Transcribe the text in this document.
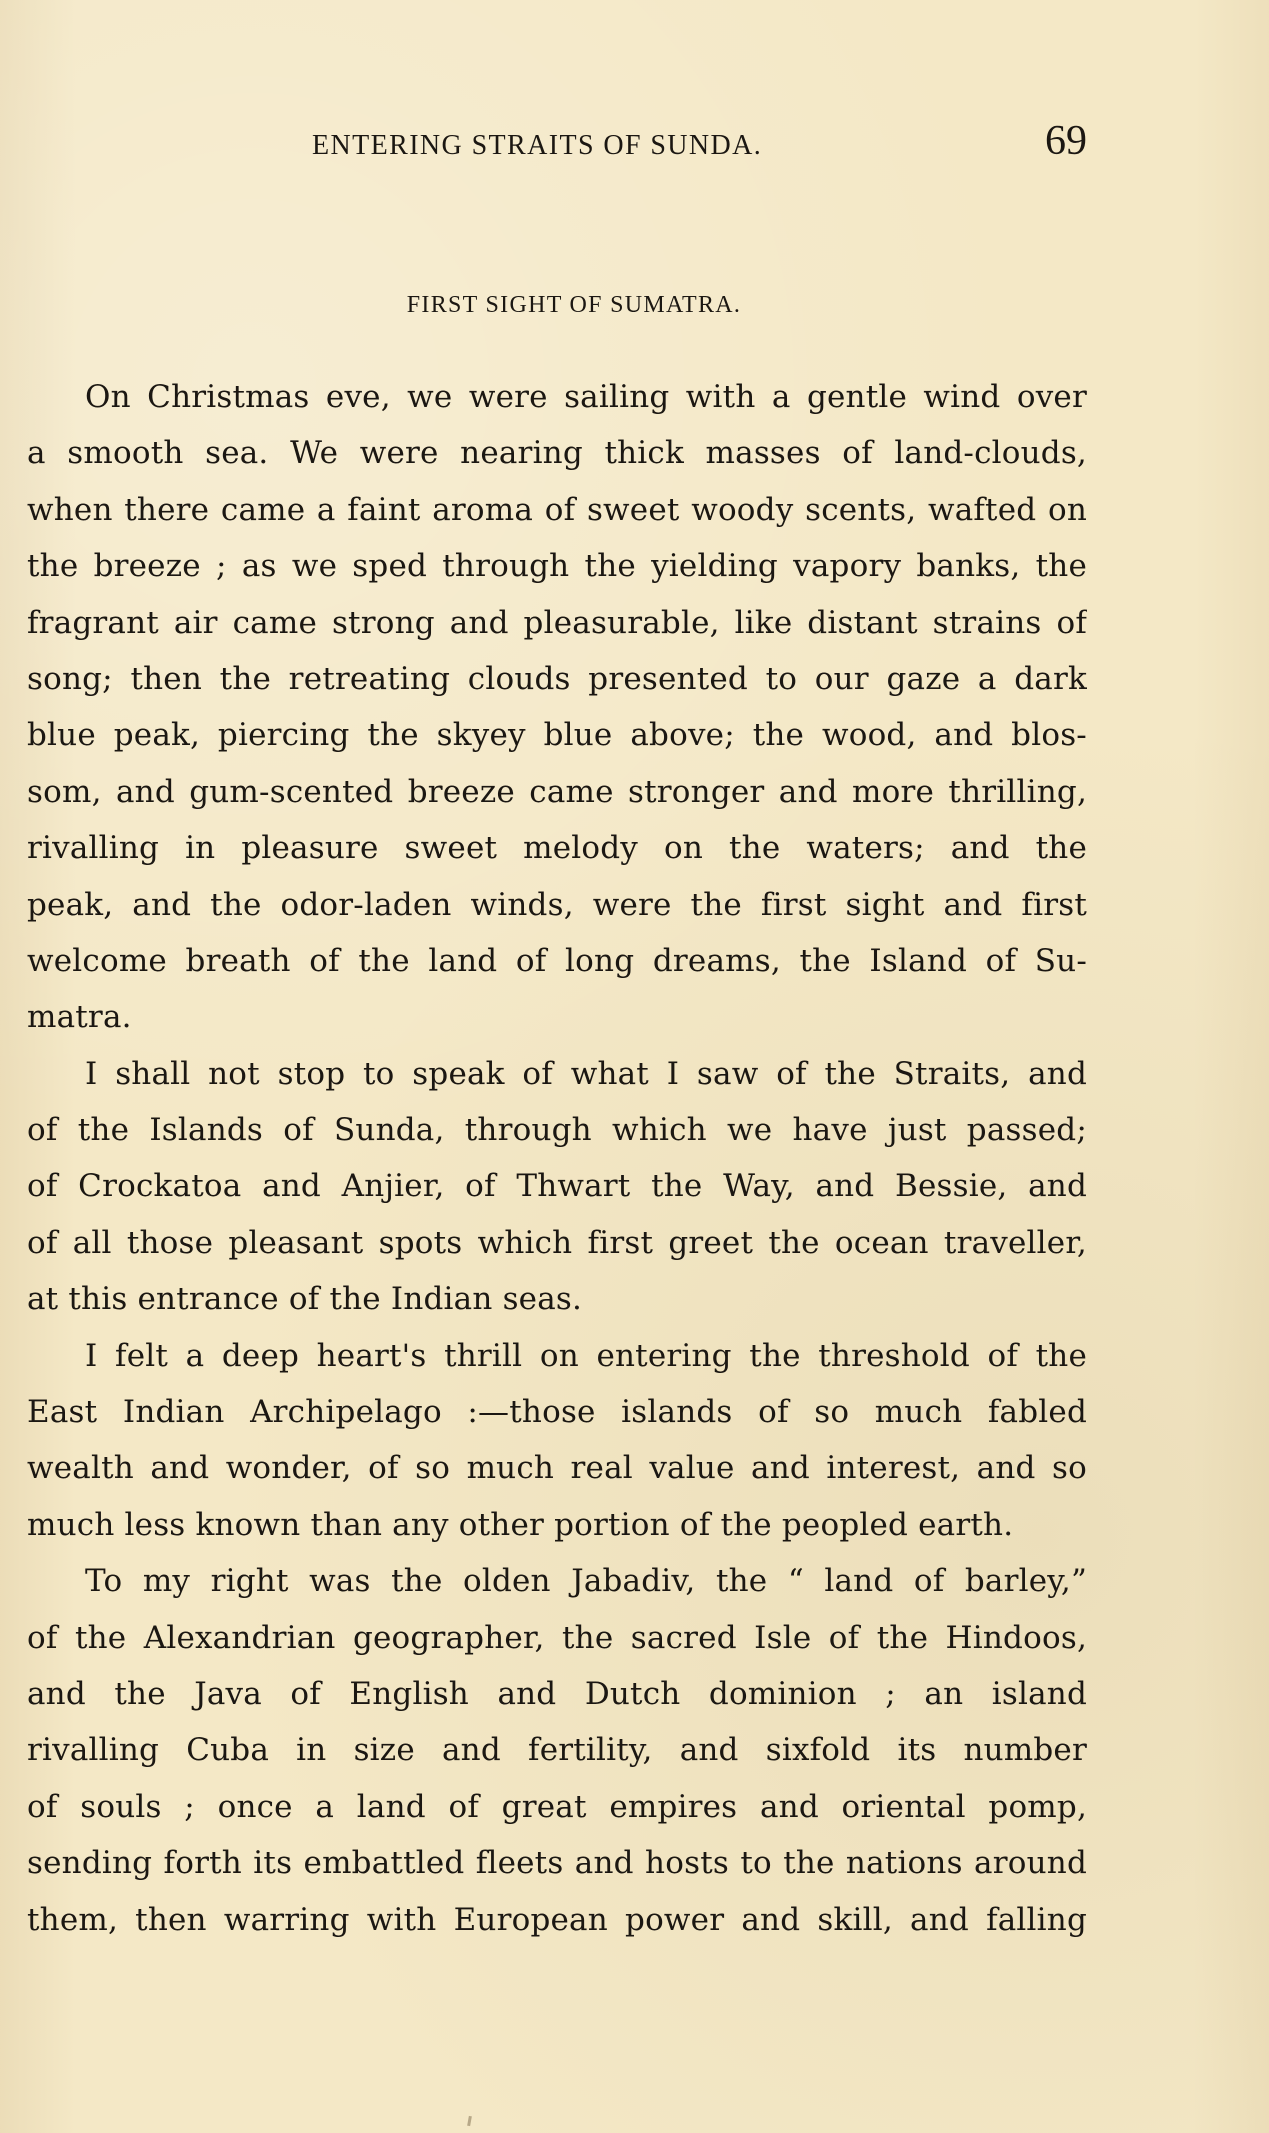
ENTERING STRAITS OF SUNDA.	69
FIRST SIGHT OF SUMATRA.
On Christmas eve, we were sailing with a gentle wind over
a smooth sea. We were nearing thick masses of land-clouds,
when there came a faint aroma of sweet woody scents, wafted on
the breeze ; as we sped through the yielding vapory banks, the
fragrant air came strong and pleasurable, like distant strains of
song; then the retreating clouds presented to our gaze a dark
blue peak, piercing the skyey blue above; the wood, and blos-
som, and gum-scented breeze came stronger and more thrilling,
rivalling in pleasure sweet melody on the waters; and the
peak, and the odor-laden winds, were the first sight and first
welcome breath of the land of long dreams, the Island of Su-
matra.
I shall not stop to speak of what I saw of the Straits, and
of the Islands of Sunda, through which we have just passed;
of Crockatoa and Anjier, of Thwart the Way, and Bessie, and
of all those pleasant spots which first greet the ocean traveller,
at this entrance of the Indian seas.
I felt a deep heart's thrill on entering the threshold of the
East Indian Archipelago :—those islands of so much fabled
wealth and wonder, of so much real value and interest, and so
much less known than any other portion of the peopled earth.
To my right was the olden Jabadiv, the “ land of barley,”
of the Alexandrian geographer, the sacred Isle of the Hindoos,
and the Java of English and Dutch dominion ; an island
rivalling Cuba in size and fertility, and sixfold its number
of souls ; once a land of great empires and oriental pomp,
sending forth its embattled fleets and hosts to the nations around
them, then warring with European power and skill, and falling
